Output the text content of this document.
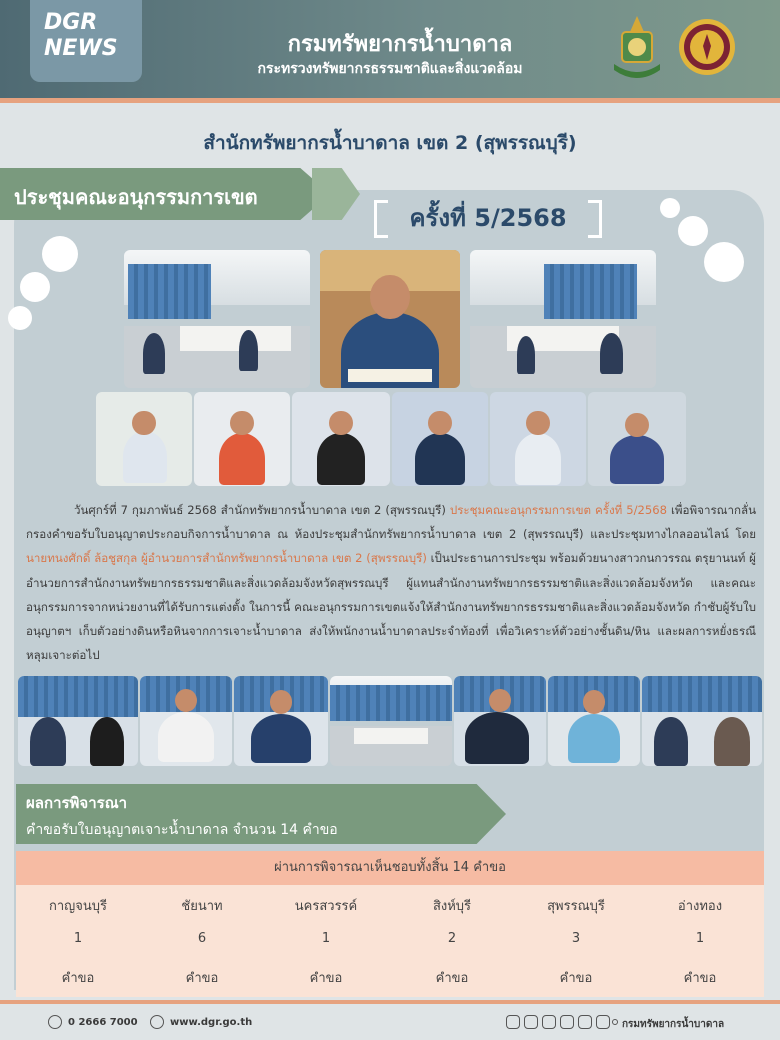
DGR
NEWS	กรมทรัพยากรน้ำบาดาล
กระทรวงทรัพยากรธรรมชาติและสิ่งแวดล้อม
สำนักทรัพยากรน้ำบาดาล เขต 2 (สุพรรณบุรี)
ประชุมคณะอนุกรรมการเขต
ครั้งที่ 5/2568
วันศุกร์ที่ 7 กุมภาพันธ์ 2568 สำนักทรัพยากรน้ำบาดาล เขต 2 (สุพรรณบุรี) ประชุมคณะอนุกรรมการเขต ครั้งที่ 5/2568 เพื่อพิจารณากลั่นกรองคำขอรับใบอนุญาตประกอบกิจการน้ำบาดาล ณ ห้องประชุมสำนักทรัพยากรน้ำบาดาล เขต 2 (สุพรรณบุรี) และประชุมทางไกลออนไลน์ โดยนายทนงศักดิ์ ล้อชูสกุล ผู้อำนวยการสำนักทรัพยากรน้ำบาดาล เขต 2 (สุพรรณบุรี) เป็นประธานการประชุม พร้อมด้วยนางสาวกนกวรรณ ตรุยานนท์ ผู้อำนวยการสำนักงานทรัพยากรธรรมชาติและสิ่งแวดล้อมจังหวัดสุพรรณบุรี ผู้แทนสำนักงานทรัพยากรธรรมชาติและสิ่งแวดล้อมจังหวัด และคณะอนุกรรมการจากหน่วยงานที่ได้รับการแต่งตั้ง ในการนี้ คณะอนุกรรมการเขตแจ้งให้สำนักงานทรัพยากรธรรมชาติและสิ่งแวดล้อมจังหวัด กำชับผู้รับใบอนุญาตฯ เก็บตัวอย่างดินหรือหินจากการเจาะน้ำบาดาล ส่งให้พนักงานน้ำบาดาลประจำท้องที่ เพื่อวิเคราะห์ตัวอย่างชั้นดิน/หิน และผลการหยั่งธรณีหลุมเจาะต่อไป
ผลการพิจารณา
คำขอรับใบอนุญาตเจาะน้ำบาดาล จำนวน 14 คำขอ
ผ่านการพิจารณาเห็นชอบทั้งสิ้น 14 คำขอ
กาญจนบุรี	ชัยนาท	นครสวรรค์	สิงห์บุรี	สุพรรณบุรี	อ่างทอง
1	6	1	2	3	1
คำขอ	คำขอ	คำขอ	คำขอ	คำขอ	คำขอ
0 2666 7000	www.dgr.go.th	กรมทรัพยากรน้ำบาดาล
